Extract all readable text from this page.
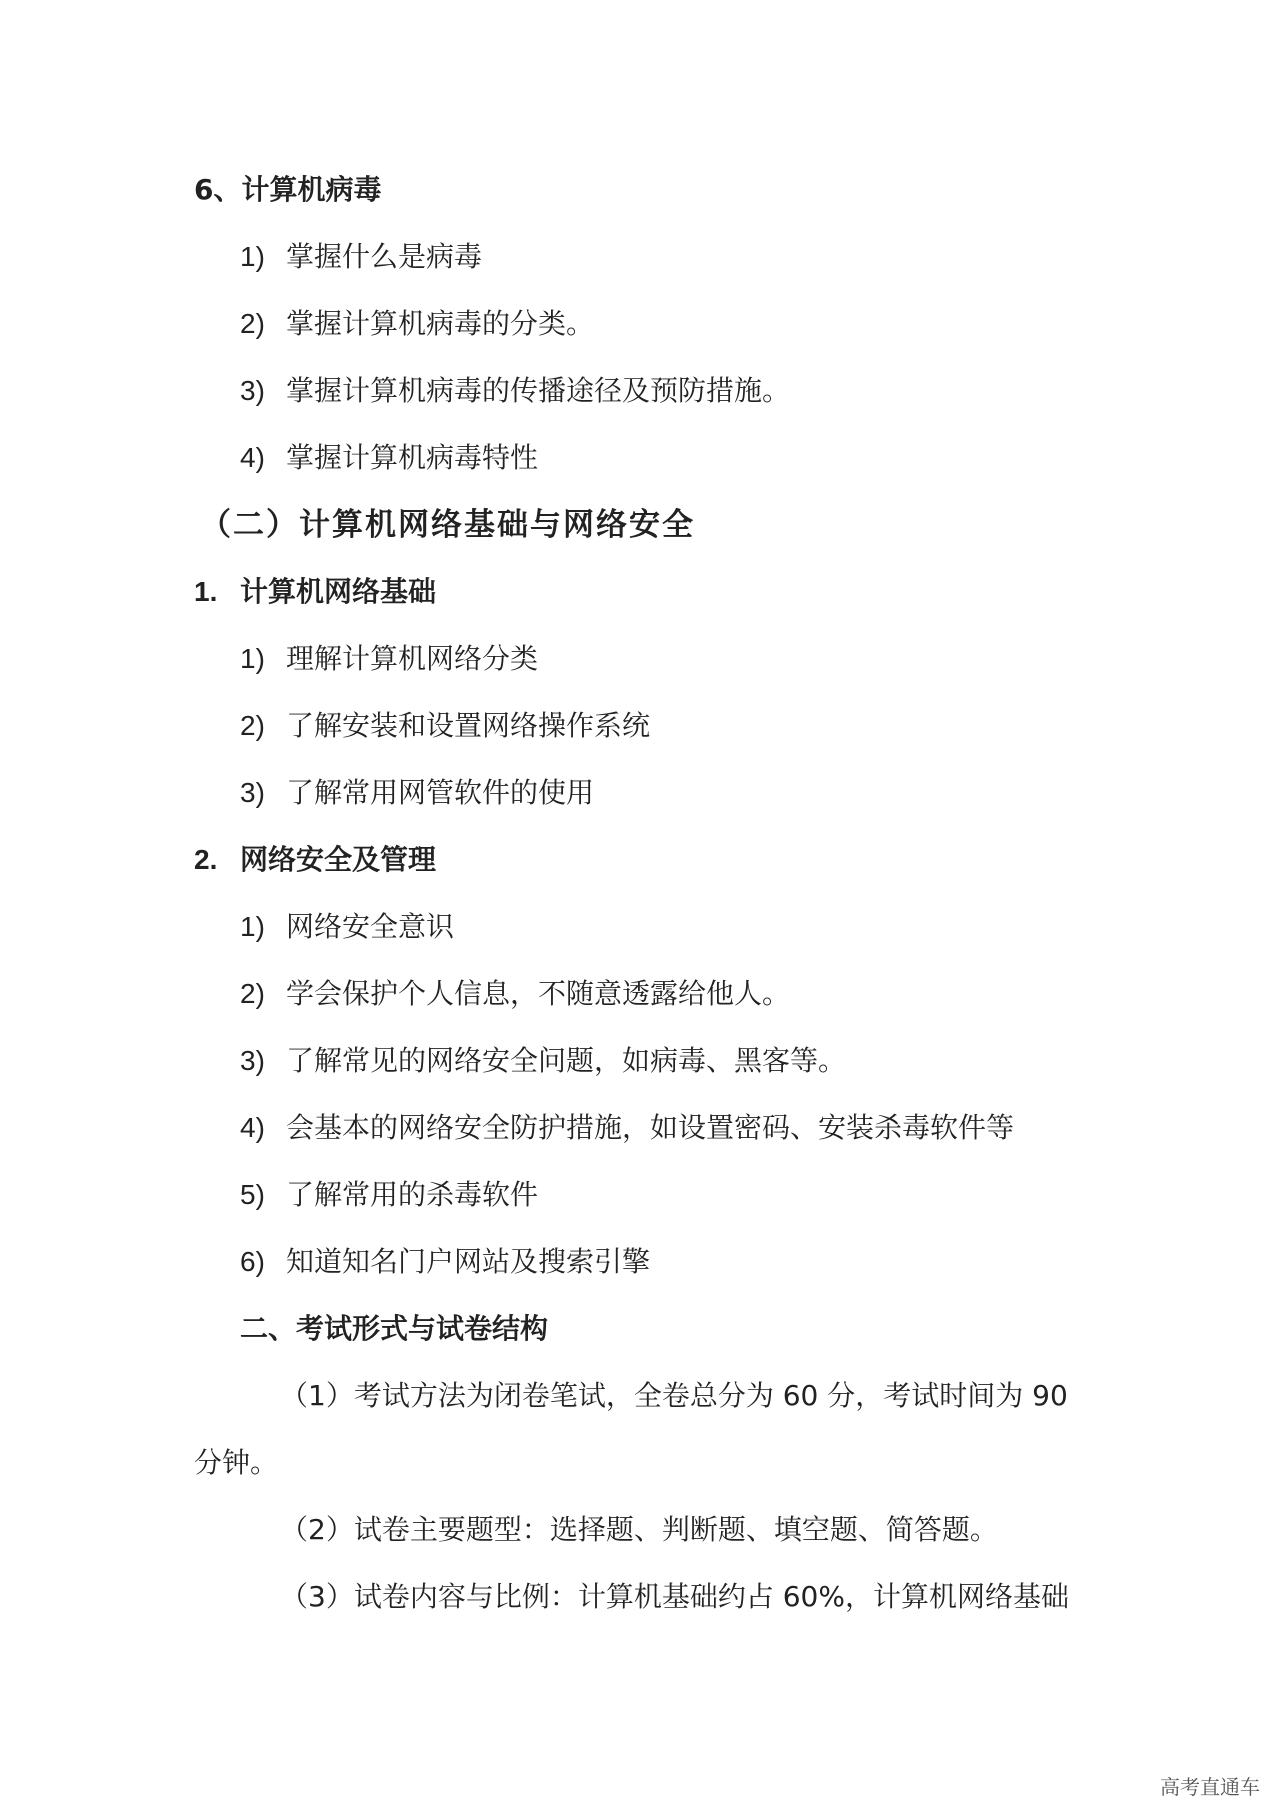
6、计算机病毒
1) 掌握什么是病毒
2) 掌握计算机病毒的分类。
3) 掌握计算机病毒的传播途径及预防措施。
4) 掌握计算机病毒特性
（二）计算机网络基础与网络安全
1. 计算机网络基础
1) 理解计算机网络分类
2) 了解安装和设置网络操作系统
3) 了解常用网管软件的使用
2. 网络安全及管理
1) 网络安全意识
2) 学会保护个人信息，不随意透露给他人。
3) 了解常见的网络安全问题，如病毒、黑客等。
4) 会基本的网络安全防护措施，如设置密码、安装杀毒软件等
5) 了解常用的杀毒软件
6) 知道知名门户网站及搜索引擎
二、考试形式与试卷结构
（1）考试方法为闭卷笔试，全卷总分为 60 分，考试时间为 90
分钟。
（2）试卷主要题型：选择题、判断题、填空题、简答题。
（3）试卷内容与比例：计算机基础约占 60%，计算机网络基础
高考直通车
